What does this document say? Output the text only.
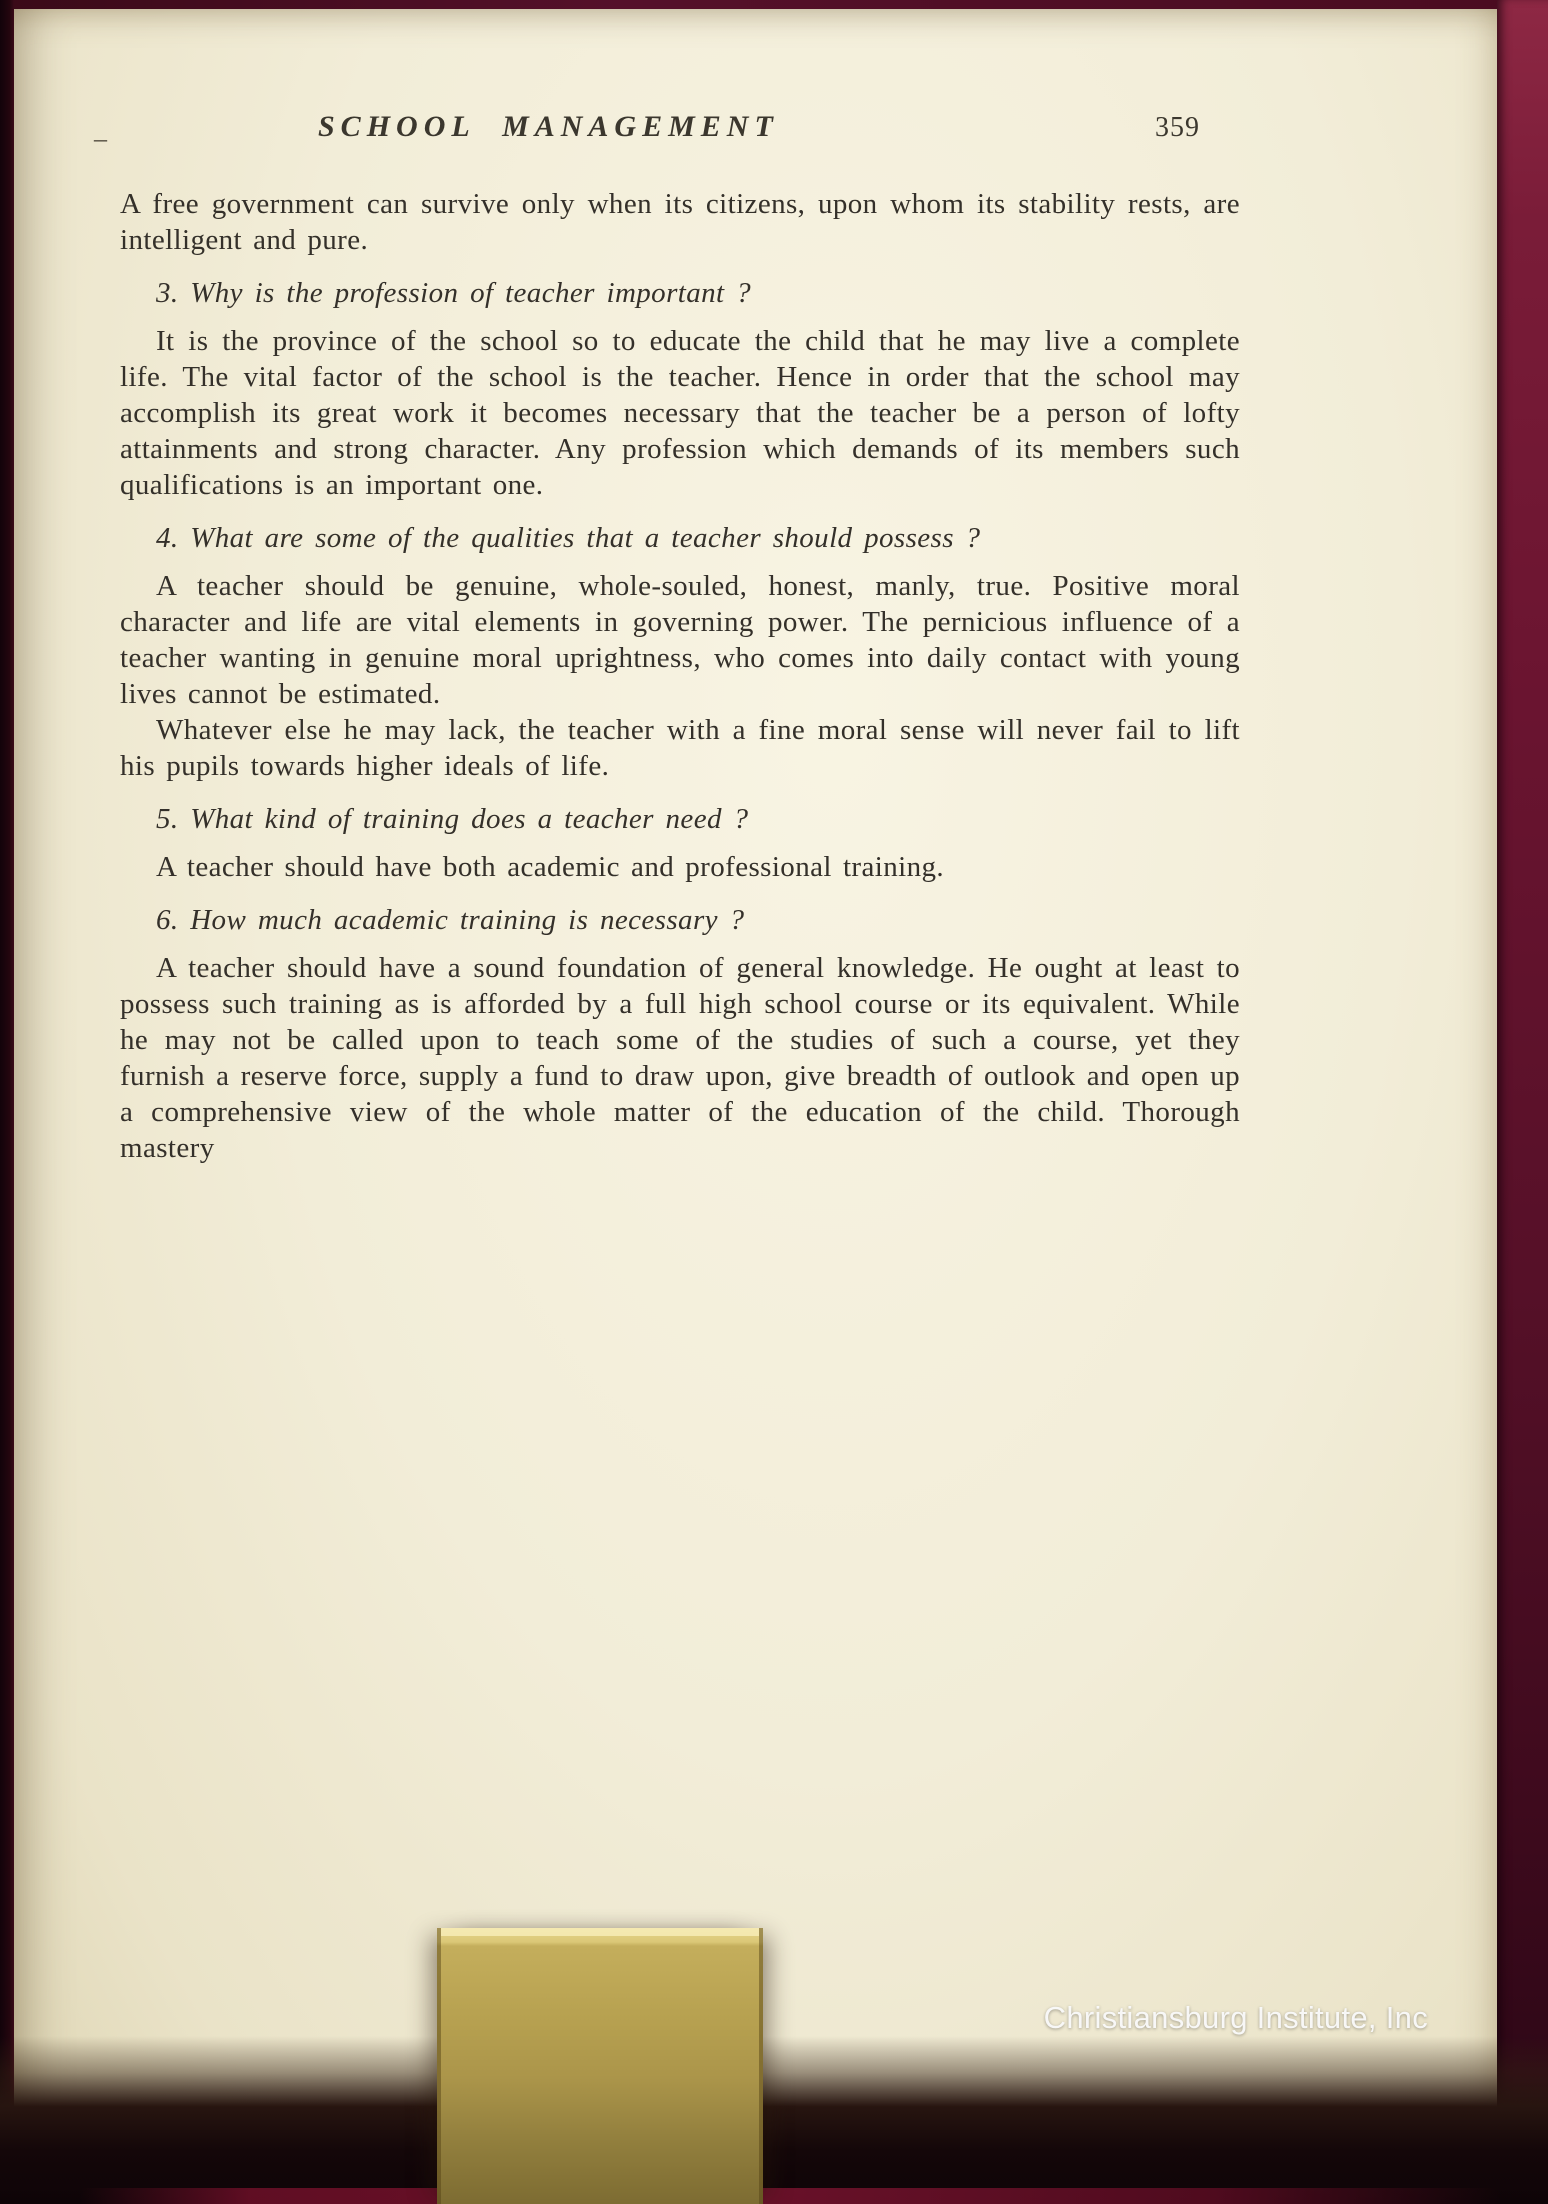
–	SCHOOL MANAGEMENT	359

A free government can survive only when its citizens, upon whom its stability rests, are intelligent and pure.

3. Why is the profession of teacher important ?

It is the province of the school so to educate the child that he may live a complete life. The vital factor of the school is the teacher. Hence in order that the school may accomplish its great work it becomes necessary that the teacher be a person of lofty attainments and strong character. Any profession which demands of its members such qualifications is an important one.

4. What are some of the qualities that a teacher should possess ?

A teacher should be genuine, whole-souled, honest, manly, true. Positive moral character and life are vital elements in governing power. The pernicious influence of a teacher wanting in genuine moral uprightness, who comes into daily contact with young lives cannot be estimated.

Whatever else he may lack, the teacher with a fine moral sense will never fail to lift his pupils towards higher ideals of life.

5. What kind of training does a teacher need ?

A teacher should have both academic and professional training.

6. How much academic training is necessary ?

A teacher should have a sound foundation of general knowledge. He ought at least to possess such training as is afforded by a full high school course or its equivalent. While he may not be called upon to teach some of the studies of such a course, yet they furnish a reserve force, supply a fund to draw upon, give breadth of outlook and open up a comprehensive view of the whole matter of the education of the child. Thorough mastery

Christiansburg Institute, Inc
